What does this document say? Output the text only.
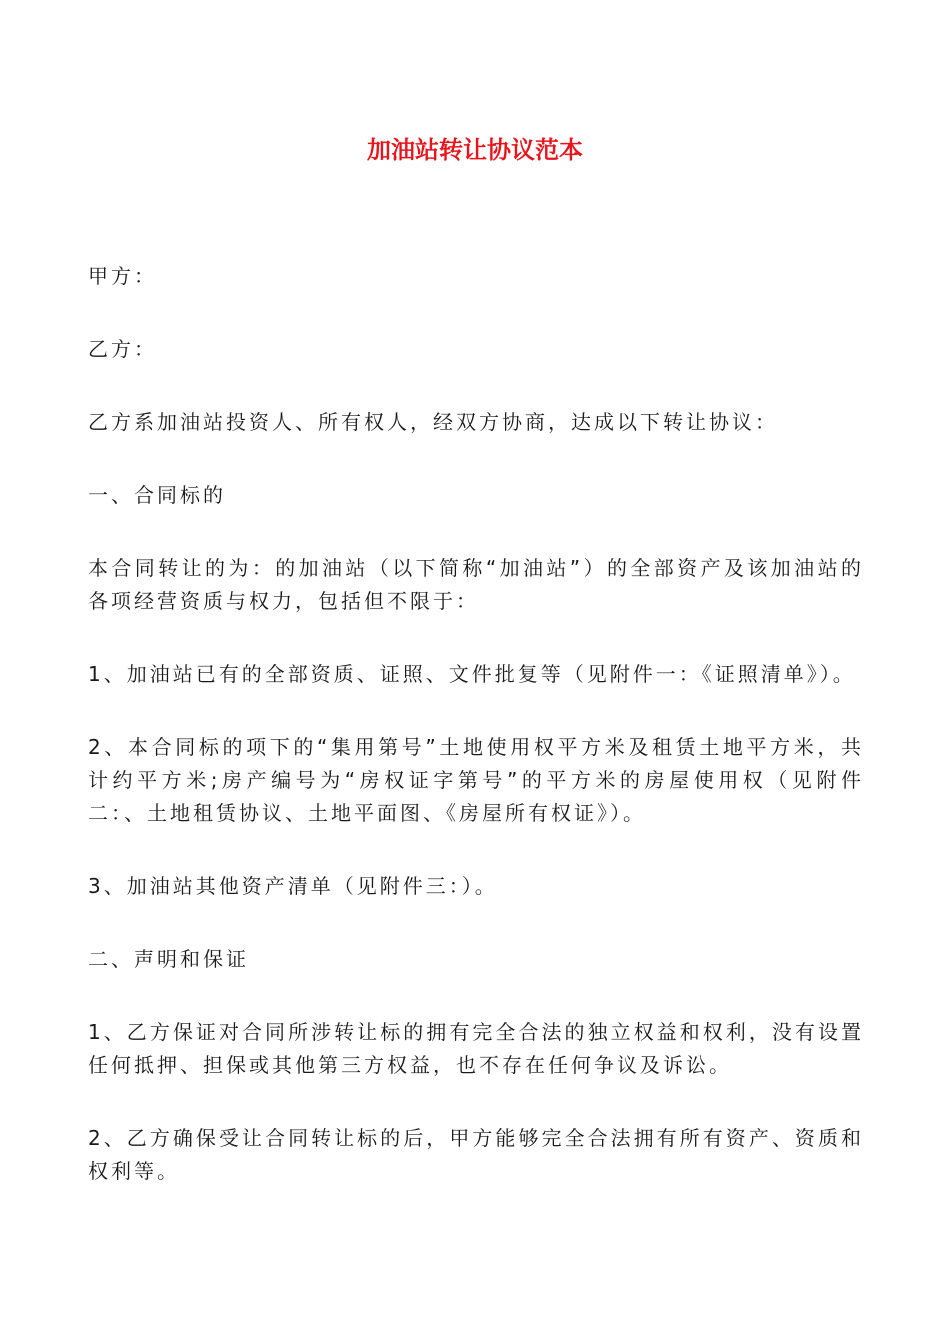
加油站转让协议范本

甲方：

乙方：

乙方系加油站投资人、所有权人，经双方协商，达成以下转让协议：

一、合同标的

本合同转让的为：的加油站（以下简称“加油站”）的全部资产及该加油站的各项经营资质与权力，包括但不限于：

1、加油站已有的全部资质、证照、文件批复等（见附件一：《证照清单》）。

2、本合同标的项下的“集用第号”土地使用权平方米及租赁土地平方米，共计约平方米;房产编号为“房权证字第号”的平方米的房屋使用权（见附件二：、土地租赁协议、土地平面图、《房屋所有权证》）。

3、加油站其他资产清单（见附件三：）。

二、声明和保证

1、乙方保证对合同所涉转让标的拥有完全合法的独立权益和权利，没有设置任何抵押、担保或其他第三方权益，也不存在任何争议及诉讼。

2、乙方确保受让合同转让标的后，甲方能够完全合法拥有所有资产、资质和权利等。
